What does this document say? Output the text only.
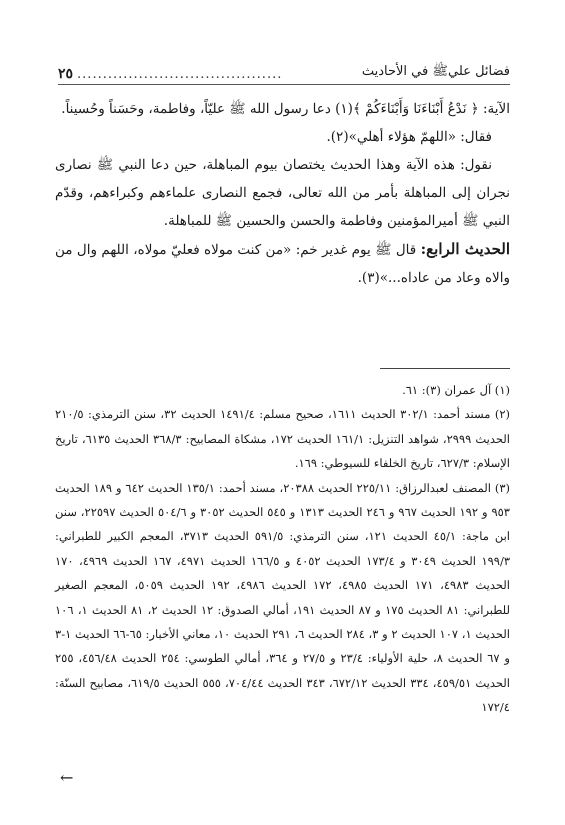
فضائل عليﷺ في الأحاديث
........................................
٢٥

الآية: ﴿ نَدْعُ أَبْنَاءَنَا وَأَبْنَاءَكُمْ ﴾(١) دعا رسول الله ﷺ عليّاً، وفاطمة، وحَسَناً وحُسيناً.

فقال: «اللهمّ هؤلاء أهلي»(٢).

نقول: هذه الآية وهذا الحديث يختصان بيوم المباهلة، حين دعا النبي ﷺ نصارى نجران إلى المباهلة بأمر من الله تعالى، فجمع النصارى علماءهم وكبراءهم، وقدّم النبي ﷺ أميرالمؤمنين وفاطمة والحسن والحسين ﷺ للمباهلة.

الحديث الرابع: قال ﷺ يوم غدير خم: «من كنت مولاه فعليّ مولاه، اللهم وال من والاه وعاد من عاداه...»(٣).

(١) آل عمران (٣): ٦١.

(٢) مسند أحمد: ٣٠٢/١ الحديث ١٦١١، صحيح مسلم: ١٤٩١/٤ الحديث ٣٢، سنن الترمذي: ٢١٠/٥ الحديث ٢٩٩٩، شواهد التنزيل: ١٦١/١ الحديث ١٧٢، مشكاة المصابيح: ٣٦٨/٣ الحديث ٦١٣٥، تاريخ الإسلام: ٦٢٧/٣، تاريخ الخلفاء للسيوطي: ١٦٩.

(٣) المصنف لعبدالرزاق: ٢٢٥/١١ الحديث ٢٠٣٨٨، مسند أحمد: ١٣٥/١ الحديث ٦٤٢ و ١٨٩ الحديث ٩٥٣ و ١٩٢ الحديث ٩٦٧ و ٢٤٦ الحديث ١٣١٣ و ٥٤٥ الحديث ٣٠٥٢ و ٥٠٤/٦ الحديث ٢٢٥٩٧، سنن ابن ماجة: ٤٥/١ الحديث ١٢١، سنن الترمذي: ٥٩١/٥ الحديث ٣٧١٣، المعجم الكبير للطبراني: ١٩٩/٣ الحديث ٣٠٤٩ و ١٧٣/٤ الحديث ٤٠٥٢ و ١٦٦/٥ الحديث ٤٩٧١، ١٦٧ الحديث ٤٩٦٩، ١٧٠ الحديث ٤٩٨٣، ١٧١ الحديث ٤٩٨٥، ١٧٢ الحديث ٤٩٨٦، ١٩٢ الحديث ٥٠٥٩، المعجم الصغير للطبراني: ٨١ الحديث ١٧٥ و ٨٧ الحديث ١٩١، أمالي الصدوق: ١٢ الحديث ٢، ٨١ الحديث ١، ١٠٦ الحديث ١، ١٠٧ الحديث ٢ و ٣، ٢٨٤ الحديث ٦، ٢٩١ الحديث ١٠، معاني الأخبار: ٦٥-٦٦ الحديث ١-٣ و ٦٧ الحديث ٨، حلية الأولياء: ٢٣/٤ و ٢٧/٥ و ٣٦٤، أمالي الطوسي: ٢٥٤ الحديث ٤٥٦/٤٨، ٢٥٥ الحديث ٤٥٩/٥١، ٣٣٤ الحديث ٦٧٢/١٢، ٣٤٣ الحديث ٧٠٤/٤٤، ٥٥٥ الحديث ٦١٩/٥، مصابيح السنّة: ١٧٢/٤

←
